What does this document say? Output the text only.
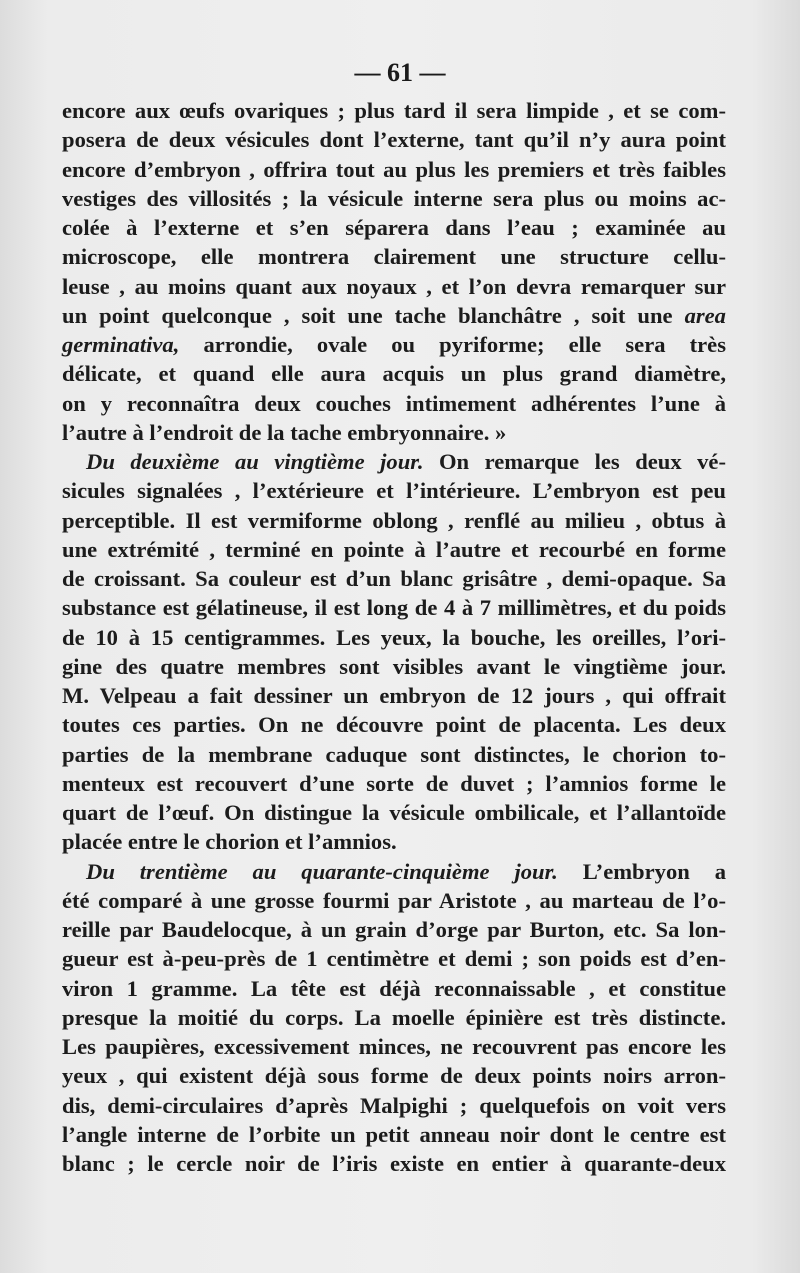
— 61 —
encore aux œufs ovariques ; plus tard il sera limpide , et se com-
posera de deux vésicules dont l’externe, tant qu’il n’y aura point
encore d’embryon , offrira tout au plus les premiers et très faibles
vestiges des villosités ; la vésicule interne sera plus ou moins ac-
colée à l’externe et s’en séparera dans l’eau ; examinée au
microscope, elle montrera clairement une structure cellu-
leuse , au moins quant aux noyaux , et l’on devra remarquer sur
un point quelconque , soit une tache blanchâtre , soit une area
germinativa, arrondie, ovale ou pyriforme; elle sera très
délicate, et quand elle aura acquis un plus grand diamètre,
on y reconnaîtra deux couches intimement adhérentes l’une à
l’autre à l’endroit de la tache embryonnaire. »
Du deuxième au vingtième jour. On remarque les deux vé-
sicules signalées , l’extérieure et l’intérieure. L’embryon est peu
perceptible. Il est vermiforme oblong , renflé au milieu , obtus à
une extrémité , terminé en pointe à l’autre et recourbé en forme
de croissant. Sa couleur est d’un blanc grisâtre , demi-opaque. Sa
substance est gélatineuse, il est long de 4 à 7 millimètres, et du poids
de 10 à 15 centigrammes. Les yeux, la bouche, les oreilles, l’ori-
gine des quatre membres sont visibles avant le vingtième jour.
M. Velpeau a fait dessiner un embryon de 12 jours , qui offrait
toutes ces parties. On ne découvre point de placenta. Les deux
parties de la membrane caduque sont distinctes, le chorion to-
menteux est recouvert d’une sorte de duvet ; l’amnios forme le
quart de l’œuf. On distingue la vésicule ombilicale, et l’allantoïde
placée entre le chorion et l’amnios.
Du trentième au quarante-cinquième jour. L’embryon a
été comparé à une grosse fourmi par Aristote , au marteau de l’o-
reille par Baudelocque, à un grain d’orge par Burton, etc. Sa lon-
gueur est à-peu-près de 1 centimètre et demi ; son poids est d’en-
viron 1 gramme. La tête est déjà reconnaissable , et constitue
presque la moitié du corps. La moelle épinière est très distincte.
Les paupières, excessivement minces, ne recouvrent pas encore les
yeux , qui existent déjà sous forme de deux points noirs arron-
dis, demi-circulaires d’après Malpighi ; quelquefois on voit vers
l’angle interne de l’orbite un petit anneau noir dont le centre est
blanc ; le cercle noir de l’iris existe en entier à quarante-deux
